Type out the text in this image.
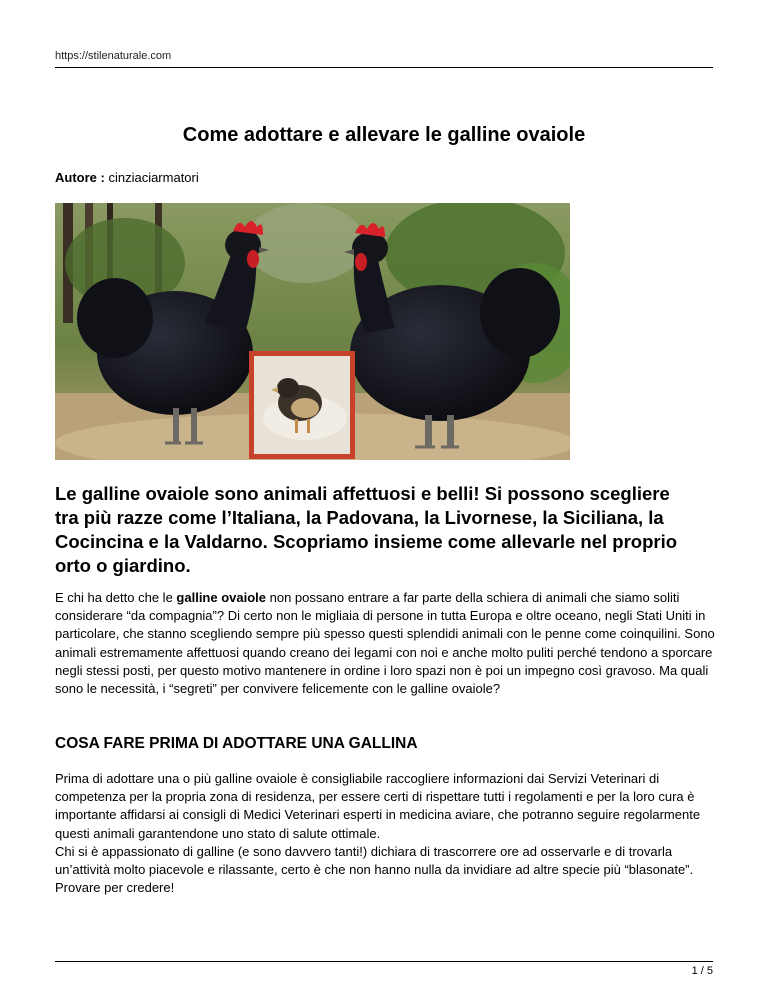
https://stilenaturale.com
Come adottare e allevare le galline ovaiole
Autore : cinziaciarmatori
Le galline ovaiole sono animali affettuosi e belli! Si possono scegliere tra più razze come l’Italiana, la Padovana, la Livornese, la Siciliana, la Cocincina e la Valdarno. Scopriamo insieme come allevarle nel proprio orto o giardino.

E chi ha detto che le galline ovaiole non possano entrare a far parte della schiera di animali che siamo soliti considerare “da compagnia”? Di certo non le migliaia di persone in tutta Europa e oltre oceano, negli Stati Uniti in particolare, che stanno scegliendo sempre più spesso questi splendidi animali con le penne come coinquilini. Sono animali estremamente affettuosi quando creano dei legami con noi e anche molto puliti perché tendono a sporcare negli stessi posti, per questo motivo mantenere in ordine i loro spazi non è poi un impegno così gravoso. Ma quali sono le necessità, i “segreti” per convivere felicemente con le galline ovaiole?

COSA FARE PRIMA DI ADOTTARE UNA GALLINA

Prima di adottare una o più galline ovaiole è consigliabile raccogliere informazioni dai Servizi Veterinari di competenza per la propria zona di residenza, per essere certi di rispettare tutti i regolamenti e per la loro cura è importante affidarsi ai consigli di Medici Veterinari esperti in medicina aviare, che potranno seguire regolarmente questi animali garantendone uno stato di salute ottimale.

Chi si è appassionato di galline (e sono davvero tanti!) dichiara di trascorrere ore ad osservarle e di trovarla un’attività molto piacevole e rilassante, certo è che non hanno nulla da invidiare ad altre specie più “blasonate”. Provare per credere!

1 / 5
